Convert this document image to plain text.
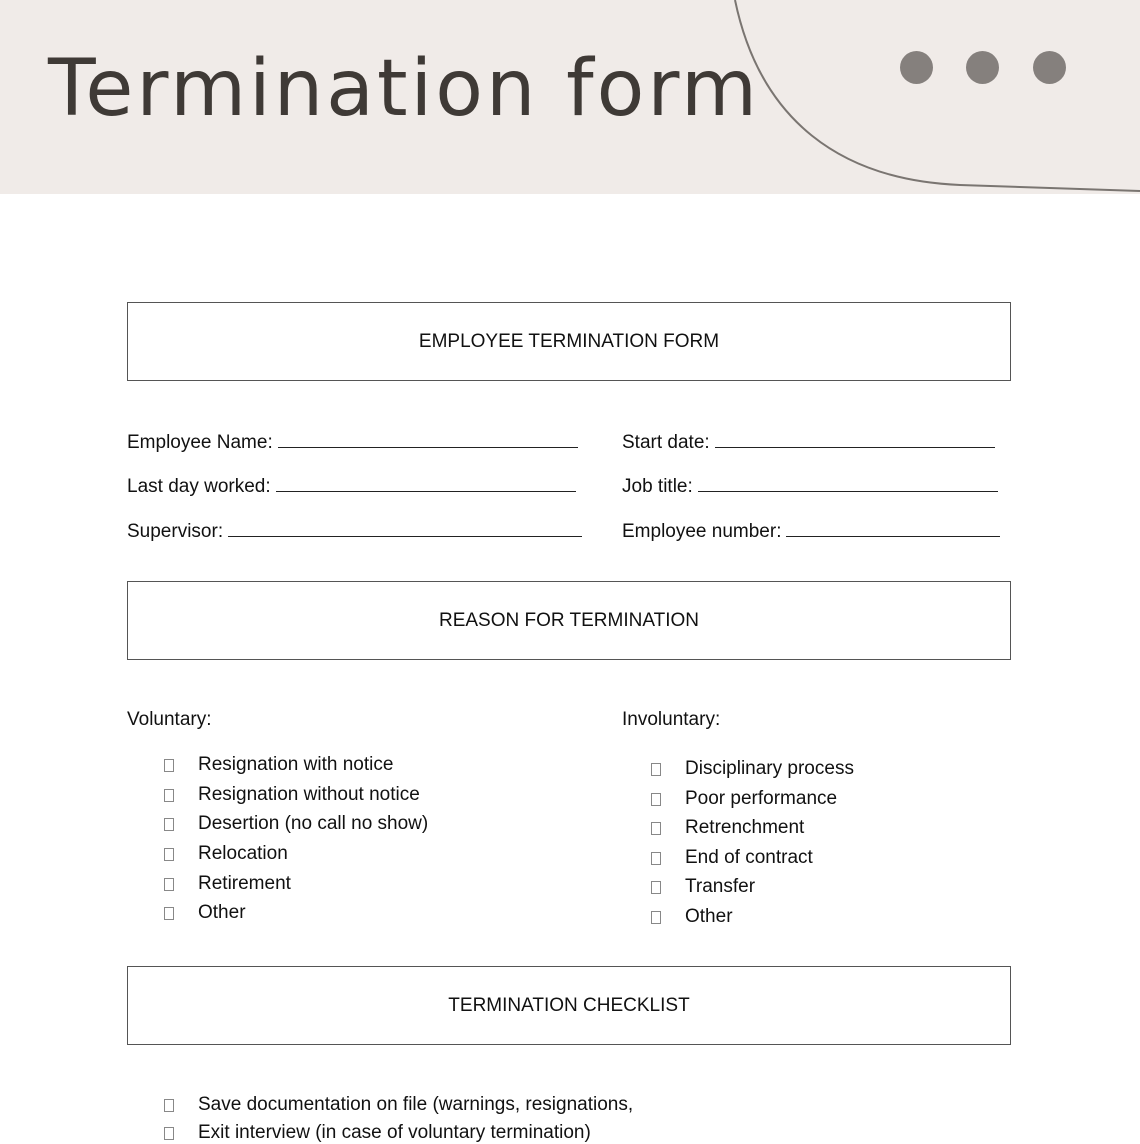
Termination form
EMPLOYEE TERMINATION FORM
Employee Name:	Start date:
Last day worked:	Job title:
Supervisor:	Employee number:
REASON FOR TERMINATION
Voluntary:	Involuntary:
Resignation with notice
Resignation without notice
Desertion (no call no show)
Relocation
Retirement
Other
Disciplinary process
Poor performance
Retrenchment
End of contract
Transfer
Other
TERMINATION CHECKLIST
Save documentation on file (warnings, resignations,
Exit interview (in case of voluntary termination)
